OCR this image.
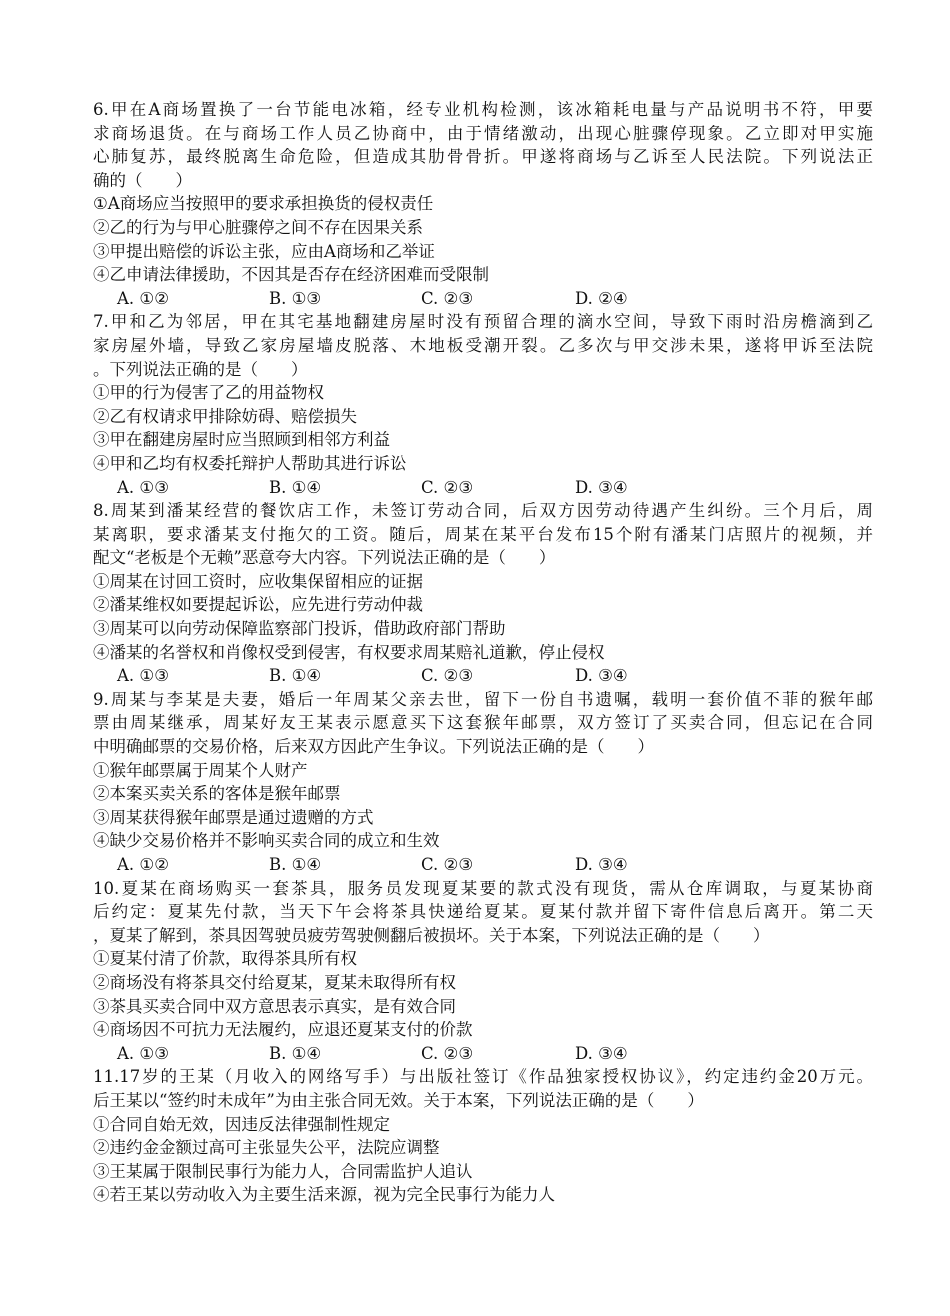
6.甲在A商场置换了一台节能电冰箱，经专业机构检测，该冰箱耗电量与产品说明书不符，甲要
求商场退货。在与商场工作人员乙协商中，由于情绪激动，出现心脏骤停现象。乙立即对甲实施
心肺复苏，最终脱离生命危险，但造成其肋骨骨折。甲遂将商场与乙诉至人民法院。下列说法正
确的（　　）
①A商场应当按照甲的要求承担换货的侵权责任
②乙的行为与甲心脏骤停之间不存在因果关系
③甲提出赔偿的诉讼主张，应由A商场和乙举证
④乙申请法律援助，不因其是否存在经济困难而受限制
A. ①②	B. ①③	C. ②③	D. ②④
7.甲和乙为邻居，甲在其宅基地翻建房屋时没有预留合理的滴水空间，导致下雨时沿房檐滴到乙
家房屋外墙，导致乙家房屋墙皮脱落、木地板受潮开裂。乙多次与甲交涉未果，遂将甲诉至法院
。下列说法正确的是（　　）
①甲的行为侵害了乙的用益物权
②乙有权请求甲排除妨碍、赔偿损失
③甲在翻建房屋时应当照顾到相邻方利益
④甲和乙均有权委托辩护人帮助其进行诉讼
A. ①③	B. ①④	C. ②③	D. ③④
8.周某到潘某经营的餐饮店工作，未签订劳动合同，后双方因劳动待遇产生纠纷。三个月后，周
某离职，要求潘某支付拖欠的工资。随后，周某在某平台发布15个附有潘某门店照片的视频，并
配文“老板是个无赖”恶意夸大内容。下列说法正确的是（　　）
①周某在讨回工资时，应收集保留相应的证据
②潘某维权如要提起诉讼，应先进行劳动仲裁
③周某可以向劳动保障监察部门投诉，借助政府部门帮助
④潘某的名誉权和肖像权受到侵害，有权要求周某赔礼道歉，停止侵权
A. ①③	B. ①④	C. ②③	D. ③④
9.周某与李某是夫妻，婚后一年周某父亲去世，留下一份自书遗嘱，载明一套价值不菲的猴年邮
票由周某继承，周某好友王某表示愿意买下这套猴年邮票，双方签订了买卖合同，但忘记在合同
中明确邮票的交易价格，后来双方因此产生争议。下列说法正确的是（　　）
①猴年邮票属于周某个人财产
②本案买卖关系的客体是猴年邮票
③周某获得猴年邮票是通过遗赠的方式
④缺少交易价格并不影响买卖合同的成立和生效
A. ①②	B. ①④	C. ②③	D. ③④
10.夏某在商场购买一套茶具，服务员发现夏某要的款式没有现货，需从仓库调取，与夏某协商
后约定：夏某先付款，当天下午会将茶具快递给夏某。夏某付款并留下寄件信息后离开。第二天
，夏某了解到，茶具因驾驶员疲劳驾驶侧翻后被损坏。关于本案，下列说法正确的是（　　）
①夏某付清了价款，取得茶具所有权
②商场没有将茶具交付给夏某，夏某未取得所有权
③茶具买卖合同中双方意思表示真实，是有效合同
④商场因不可抗力无法履约，应退还夏某支付的价款
A. ①③	B. ①④	C. ②③	D. ③④
11.17岁的王某（月收入的网络写手）与出版社签订《作品独家授权协议》，约定违约金20万元。
后王某以“签约时未成年”为由主张合同无效。关于本案，下列说法正确的是（　　）
①合同自始无效，因违反法律强制性规定
②违约金金额过高可主张显失公平，法院应调整
③王某属于限制民事行为能力人，合同需监护人追认
④若王某以劳动收入为主要生活来源，视为完全民事行为能力人
